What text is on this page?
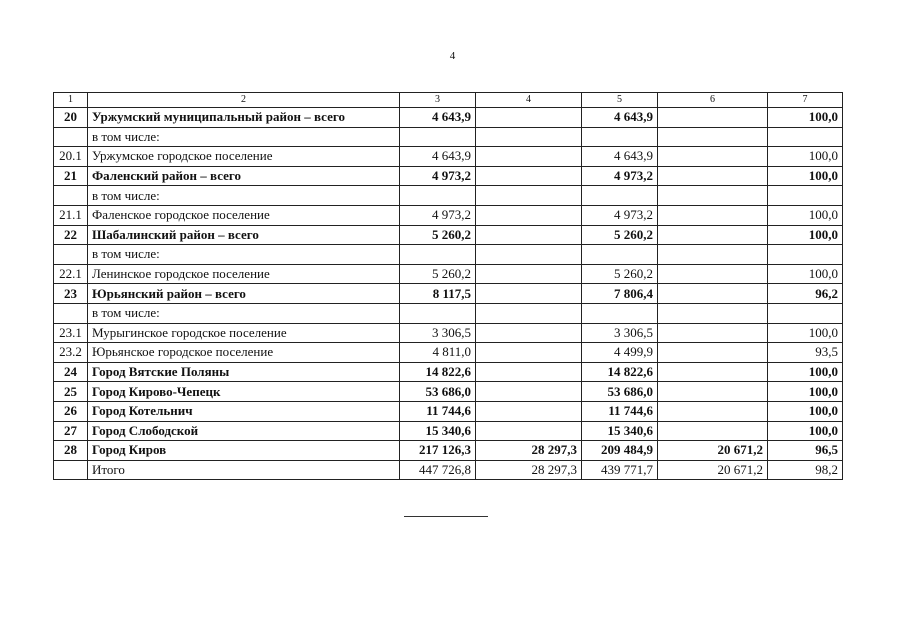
4
1	2	3	4	5	6	7
20	Уржумский муниципальный район – всего	4 643,9		4 643,9		100,0
	в том числе:					
20.1	Уржумское городское поселение	4 643,9		4 643,9		100,0
21	Фаленский район – всего	4 973,2		4 973,2		100,0
	в том числе:					
21.1	Фаленское городское поселение	4 973,2		4 973,2		100,0
22	Шабалинский район – всего	5 260,2		5 260,2		100,0
	в том числе:					
22.1	Ленинское городское поселение	5 260,2		5 260,2		100,0
23	Юрьянский район – всего	8 117,5		7 806,4		96,2
	в том числе:					
23.1	Мурыгинское городское поселение	3 306,5		3 306,5		100,0
23.2	Юрьянское городское поселение	4 811,0		4 499,9		93,5
24	Город Вятские Поляны	14 822,6		14 822,6		100,0
25	Город Кирово-Чепецк	53 686,0		53 686,0		100,0
26	Город Котельнич	11 744,6		11 744,6		100,0
27	Город Слободской	15 340,6		15 340,6		100,0
28	Город Киров	217 126,3	28 297,3	209 484,9	20 671,2	96,5
	Итого	447 726,8	28 297,3	439 771,7	20 671,2	98,2
